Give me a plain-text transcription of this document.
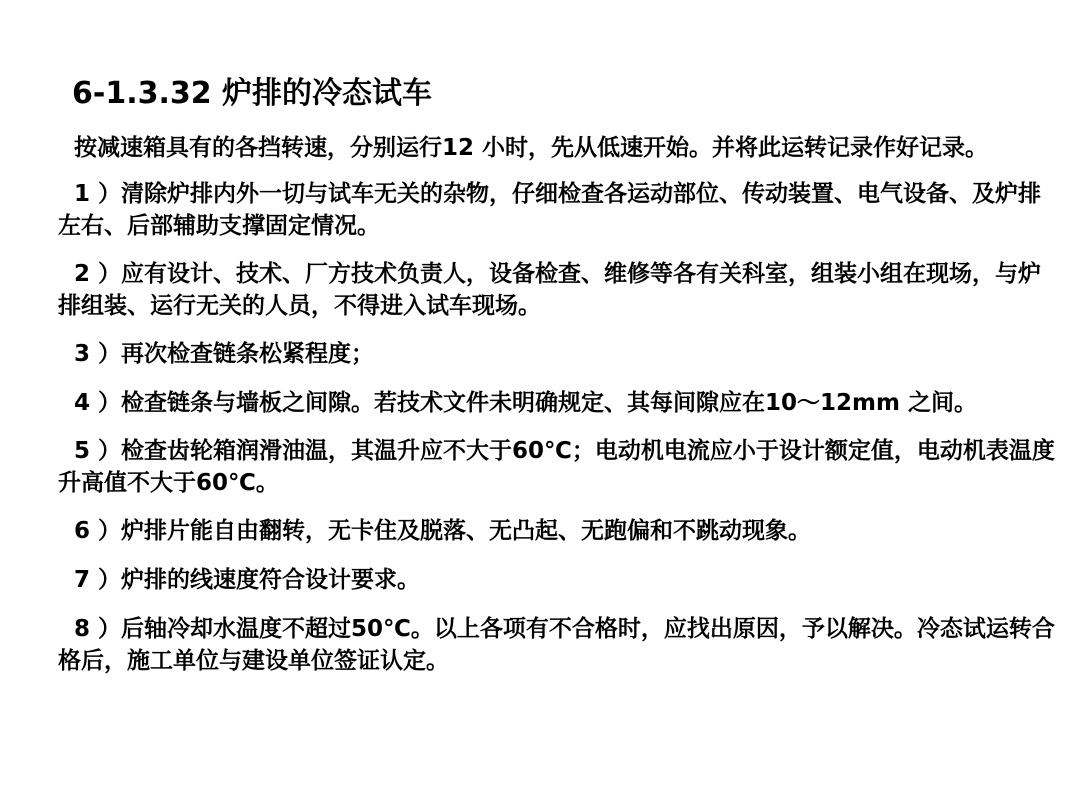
6-1.3.32 炉排的冷态试车

按减速箱具有的各挡转速，分别运行12 小时，先从低速开始。并将此运转记录作好记录。

1 ）清除炉排内外一切与试车无关的杂物，仔细检查各运动部位、传动装置、电气设备、及炉排左右、后部辅助支撑固定情况。

2 ）应有设计、技术、厂方技术负责人，设备检查、维修等各有关科室，组装小组在现场，与炉排组装、运行无关的人员，不得进入试车现场。

3 ）再次检查链条松紧程度；

4 ）检查链条与墙板之间隙。若技术文件未明确规定、其每间隙应在10～12mm 之间。

5 ）检查齿轮箱润滑油温，其温升应不大于60℃；电动机电流应小于设计额定值，电动机表温度升高值不大于60℃。

6 ）炉排片能自由翻转，无卡住及脱落、无凸起、无跑偏和不跳动现象。

7 ）炉排的线速度符合设计要求。

8 ）后轴冷却水温度不超过50℃。以上各项有不合格时，应找出原因，予以解决。冷态试运转合格后，施工单位与建设单位签证认定。
